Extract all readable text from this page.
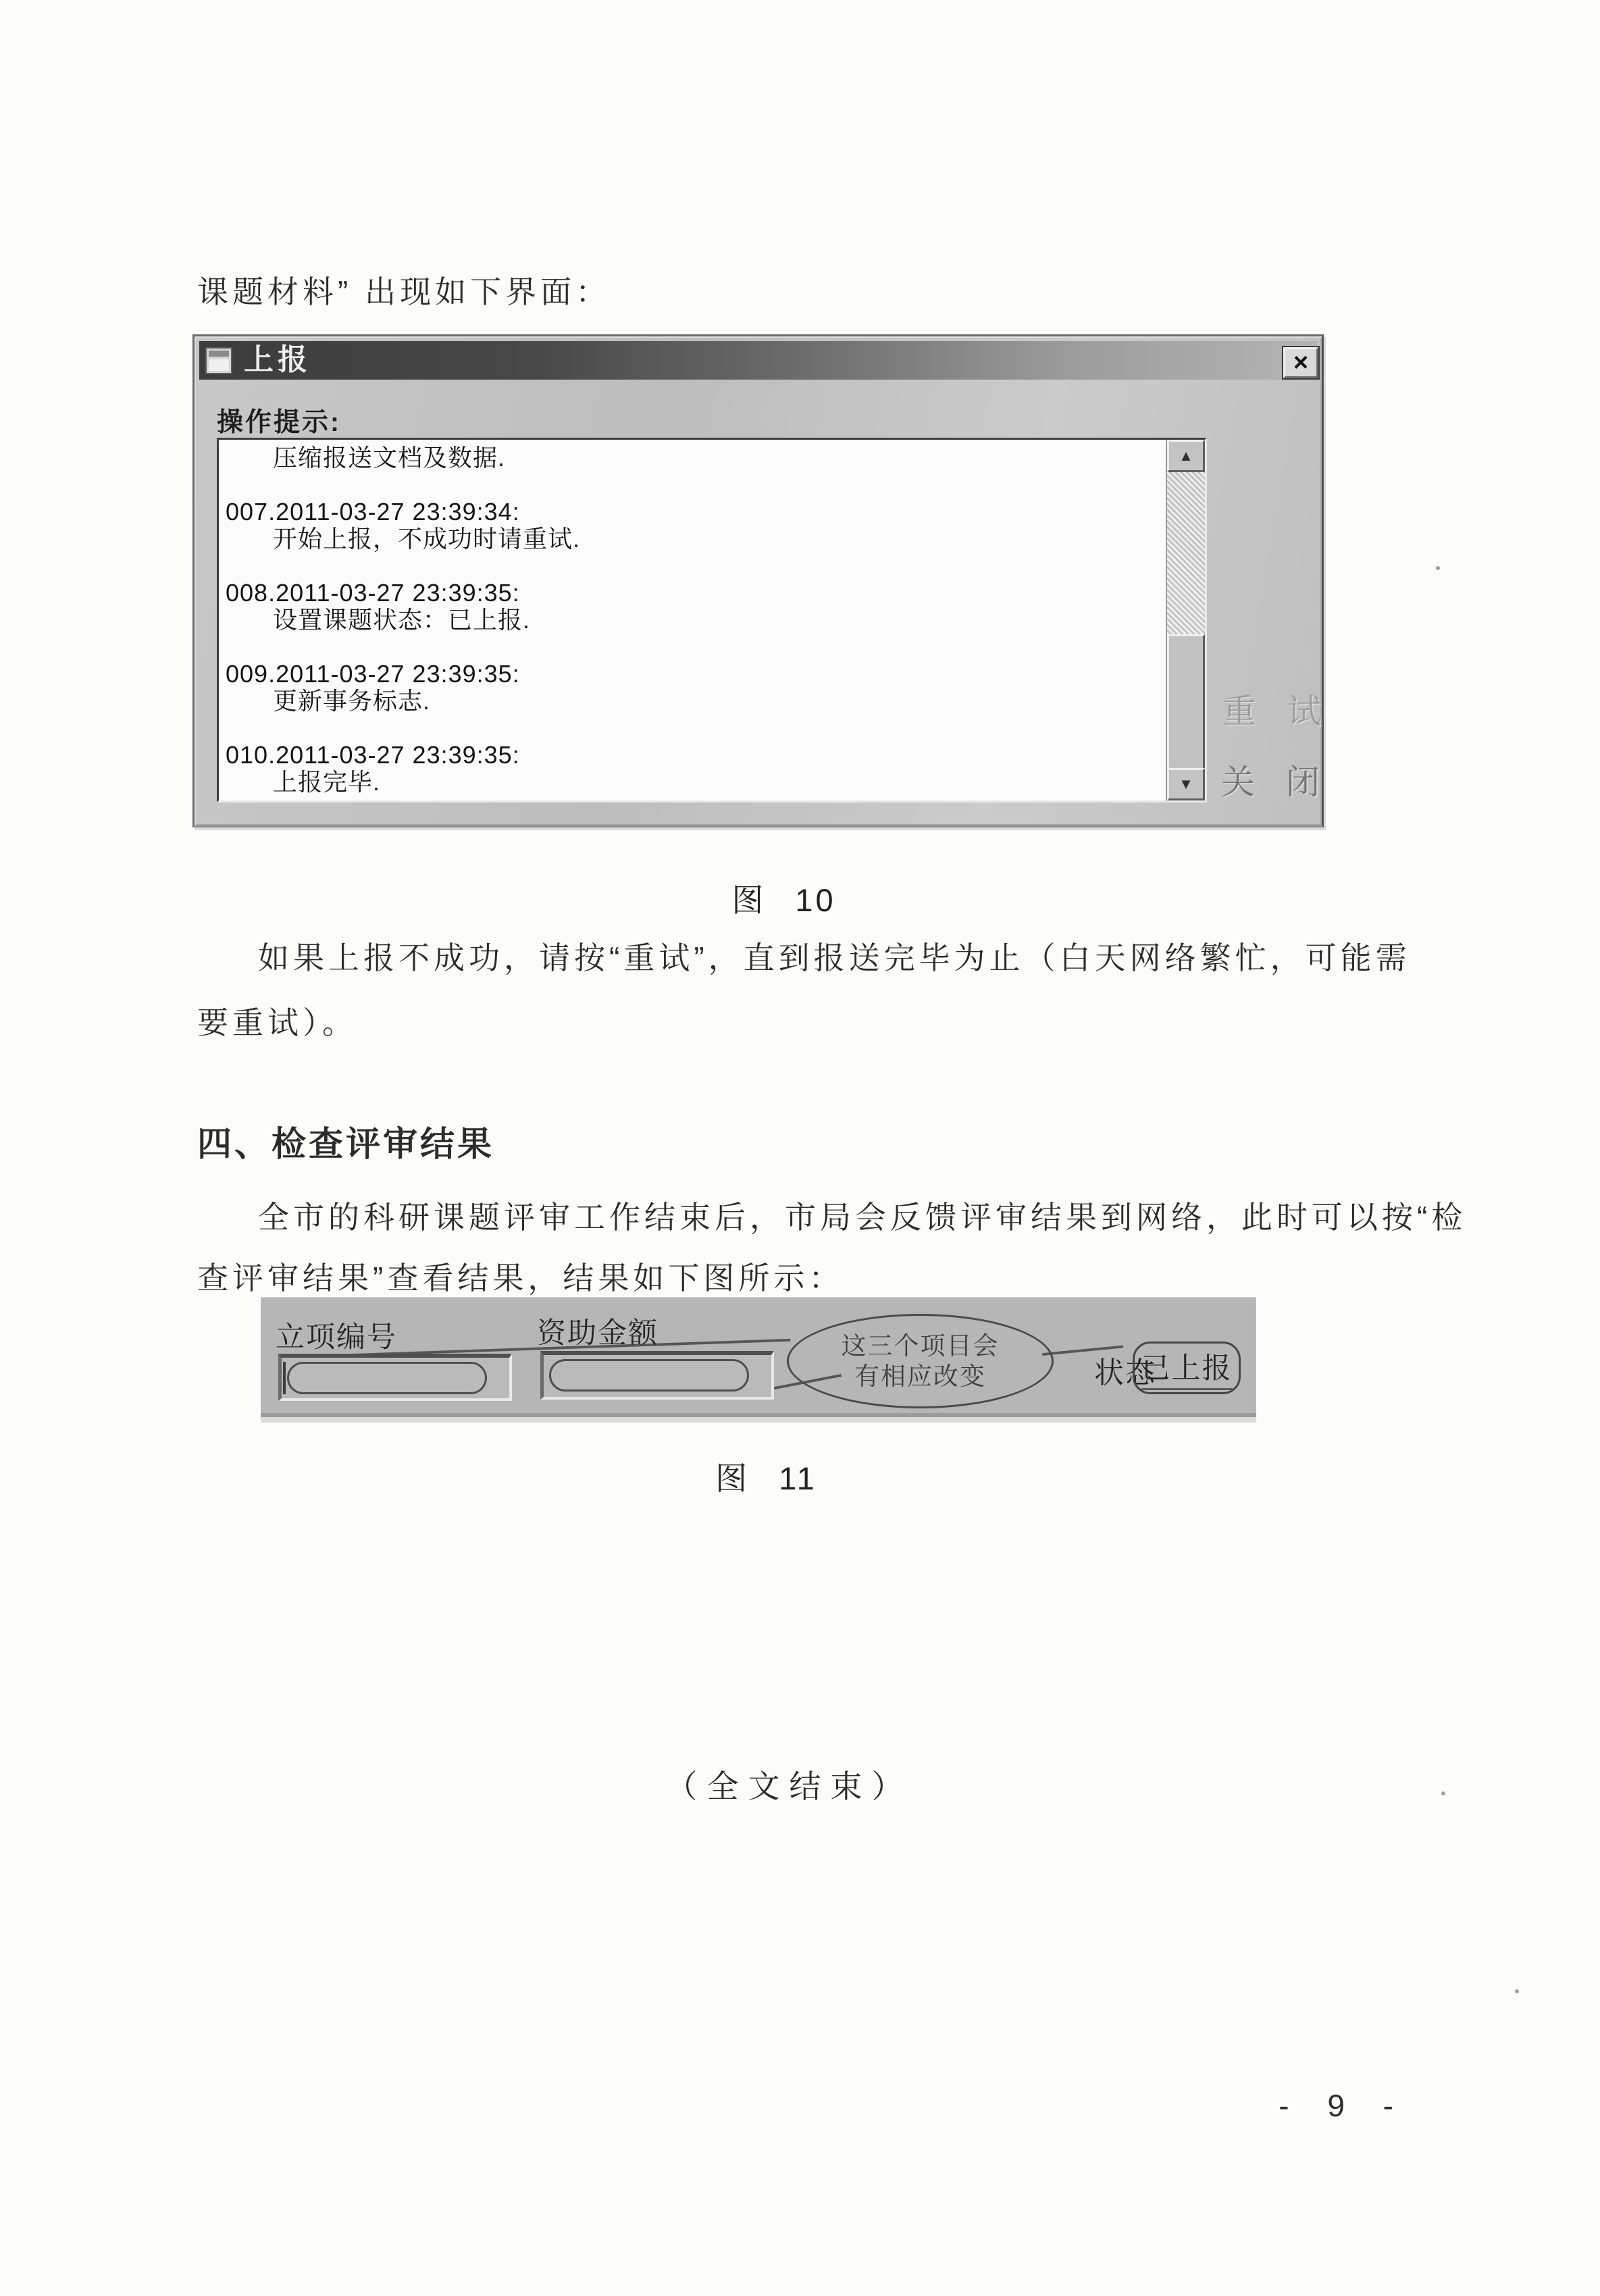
课题材料” 出现如下界面：
上报	×
操作提示:
压缩报送文档及数据.

007.2011-03-27 23:39:34:
开始上报，不成功时请重试.

008.2011-03-27 23:39:35:
设置课题状态：已上报.

009.2011-03-27 23:39:35:
更新事务标志.

010.2011-03-27 23:39:35:
上报完毕.
▲
▼
重试
关闭
图 10
如果上报不成功，请按“重试”，直到报送完毕为止（白天网络繁忙，可能需
要重试）。
四、检查评审结果
全市的科研课题评审工作结束后，市局会反馈评审结果到网络，此时可以按“检
查评审结果”查看结果，结果如下图所示：
立项编号	资助金额	这三个项目会
有相应改变	状态
已上报
图 11
（全文结束）
- 9 -
